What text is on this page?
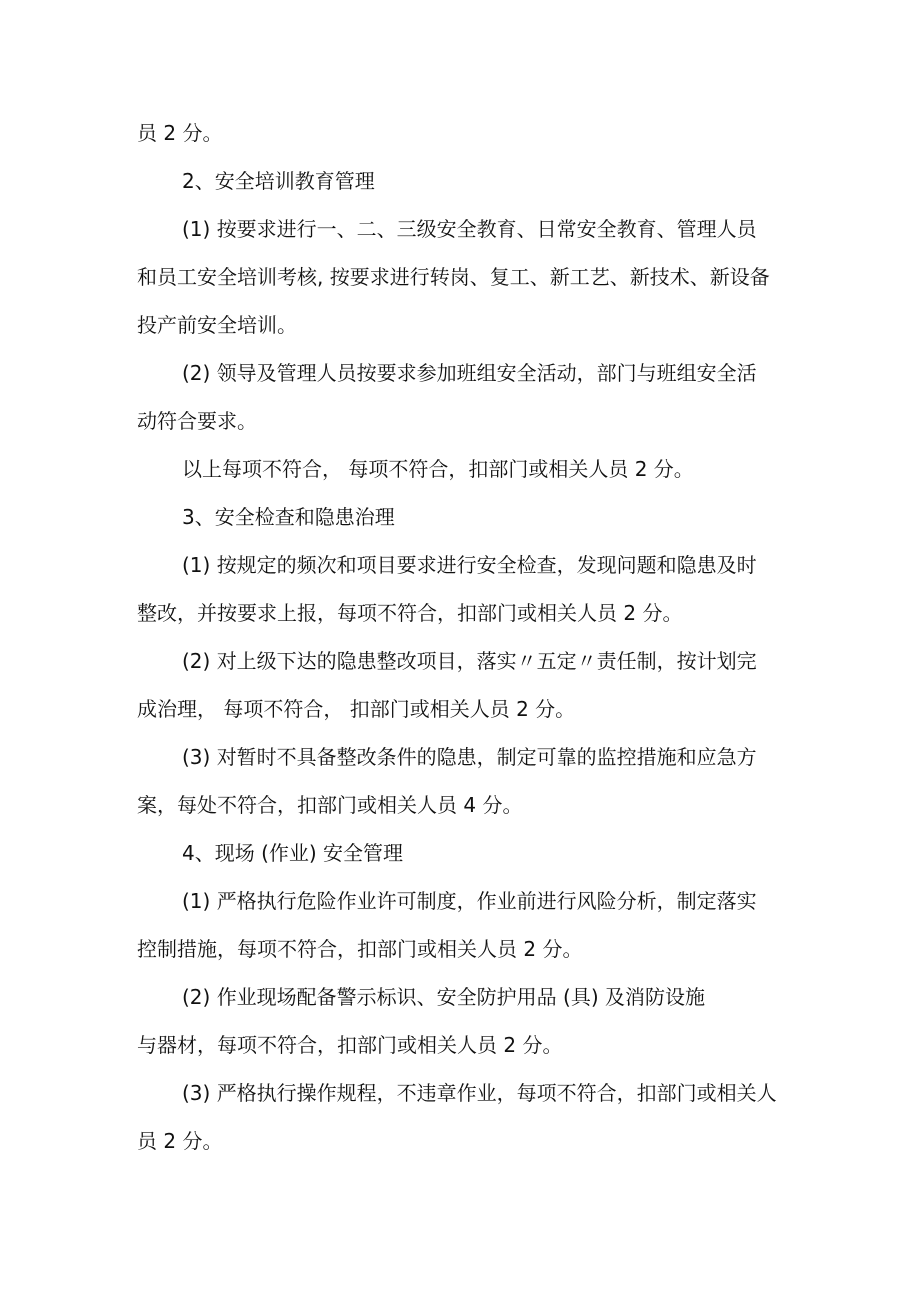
员 2 分。

2、安全培训教育管理

(1) 按要求进行一、二、三级安全教育、日常安全教育、管理人员

和员工安全培训考核, 按要求进行转岗、复工、新工艺、新技术、新设备

投产前安全培训。

(2) 领导及管理人员按要求参加班组安全活动，部门与班组安全活

动符合要求。

以上每项不符合， 每项不符合，扣部门或相关人员 2 分。

3、安全检查和隐患治理

(1) 按规定的频次和项目要求进行安全检查，发现问题和隐患及时

整改，并按要求上报，每项不符合，扣部门或相关人员 2 分。

(2) 对上级下达的隐患整改项目，落实〃五定〃责任制，按计划完

成治理， 每项不符合， 扣部门或相关人员 2 分。

(3) 对暂时不具备整改条件的隐患，制定可靠的监控措施和应急方

案，每处不符合，扣部门或相关人员 4 分。

4、现场 (作业) 安全管理

(1) 严格执行危险作业许可制度，作业前进行风险分析，制定落实

控制措施，每项不符合，扣部门或相关人员 2 分。

(2) 作业现场配备警示标识、安全防护用品 (具) 及消防设施

与器材，每项不符合，扣部门或相关人员 2 分。

(3) 严格执行操作规程，不违章作业，每项不符合，扣部门或相关人

员 2 分。
